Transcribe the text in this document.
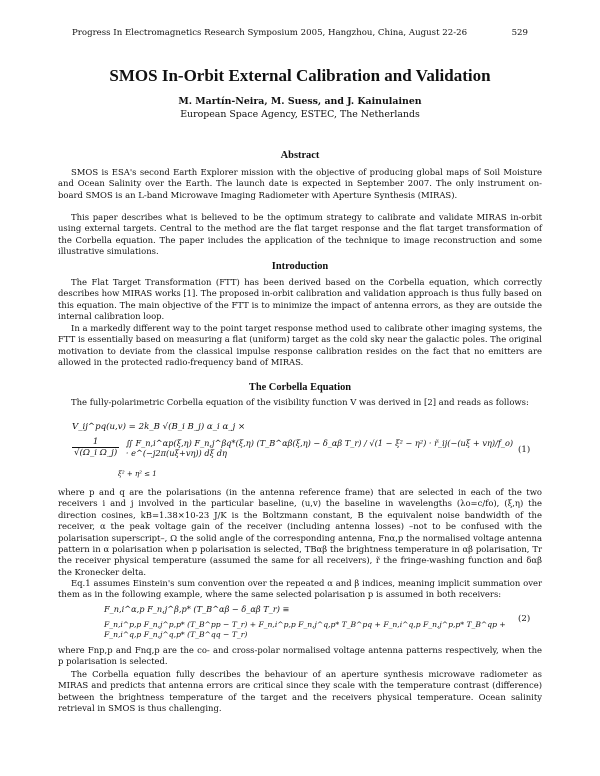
Progress In Electromagnetics Research Symposium 2005, Hangzhou, China, August 22-26	529
SMOS In-Orbit External Calibration and Validation
M. Martín-Neira, M. Suess, and J. Kainulainen
European Space Agency, ESTEC, The Netherlands
Abstract

SMOS is ESA's second Earth Explorer mission with the objective of producing global maps of Soil Moisture and Ocean Salinity over the Earth. The launch date is expected in September 2007. The only instrument on-board SMOS is an L-band Microwave Imaging Radiometer with Aperture Synthesis (MIRAS).

This paper describes what is believed to be the optimum strategy to calibrate and validate MIRAS in-orbit using external targets. Central to the method are the flat target response and the flat target transformation of the Corbella equation. The paper includes the application of the technique to image reconstruction and some illustrative simulations.

Introduction

The Flat Target Transformation (FTT) has been derived based on the Corbella equation, which correctly describes how MIRAS works [1]. The proposed in-orbit calibration and validation approach is thus fully based on this equation. The main objective of the FTT is to minimize the impact of antenna errors, as they are outside the internal calibration loop.

In a markedly different way to the point target response method used to calibrate other imaging systems, the FTT is essentially based on measuring a flat (uniform) target as the cold sky near the galactic poles. The original motivation to deviate from the classical impulse response calibration resides on the fact that no emitters are allowed in the protected radio-frequency band of MIRAS.

The Corbella Equation

The fully-polarimetric Corbella equation of the visibility function V was derived in [2] and reads as follows:

V_ij^pq(u,v) = 2k_B √(B_i B_j) α_i α_j ×
$\frac{1}{\text{√(Ω\_i Ω\_j)}}$ ∬ F_n,i^αp(ξ,η) F_n,j^βq*(ξ,η) (T_B^αβ(ξ,η) − δ_αβ T_r) / √(1 − ξ² − η²) · r̃_ij(−(uξ + vη)/f_o) · e^(−j2π(uξ+vη)) dξ dη
ξ² + η² ≤ 1
(1)

where p and q are the polarisations (in the antenna reference frame) that are selected in each of the two receivers i and j involved in the particular baseline, (u,v) the baseline in wavelengths (λo=c/fo), (ξ,η) the direction cosines, kB=1.38×10-23 J/K is the Boltzmann constant, B the equivalent noise bandwidth of the receiver, α the peak voltage gain of the receiver (including antenna losses) –not to be confused with the polarisation superscript–, Ω the solid angle of the corresponding antenna, Fnα,p the normalised voltage antenna pattern in α polarisation when p polarisation is selected, TBαβ the brightness temperature in αβ polarisation, Tr the receiver physical temperature (assumed the same for all receivers), r̃ the fringe-washing function and δαβ the Kronecker delta.

Eq.1 assumes Einstein's sum convention over the repeated α and β indices, meaning implicit summation over them as in the following example, where the same selected polarisation p is assumed in both receivers:

F_n,i^α,p F_n,j^β,p* (T_B^αβ − δ_αβ T_r) ≡
F_n,i^p,p F_n,j^p,p* (T_B^pp − T_r) + F_n,i^p,p F_n,j^q,p* T_B^pq + F_n,i^q,p F_n,j^p,p* T_B^qp + F_n,i^q,p F_n,j^q,p* (T_B^qq − T_r)
(2)

where Fnp,p and Fnq,p are the co- and cross-polar normalised voltage antenna patterns respectively, when the p polarisation is selected.

The Corbella equation fully describes the behaviour of an aperture synthesis microwave radiometer as MIRAS and predicts that antenna errors are critical since they scale with the temperature contrast (difference) between the brightness temperature of the target and the receivers physical temperature. Ocean salinity retrieval in SMOS is thus challenging.
